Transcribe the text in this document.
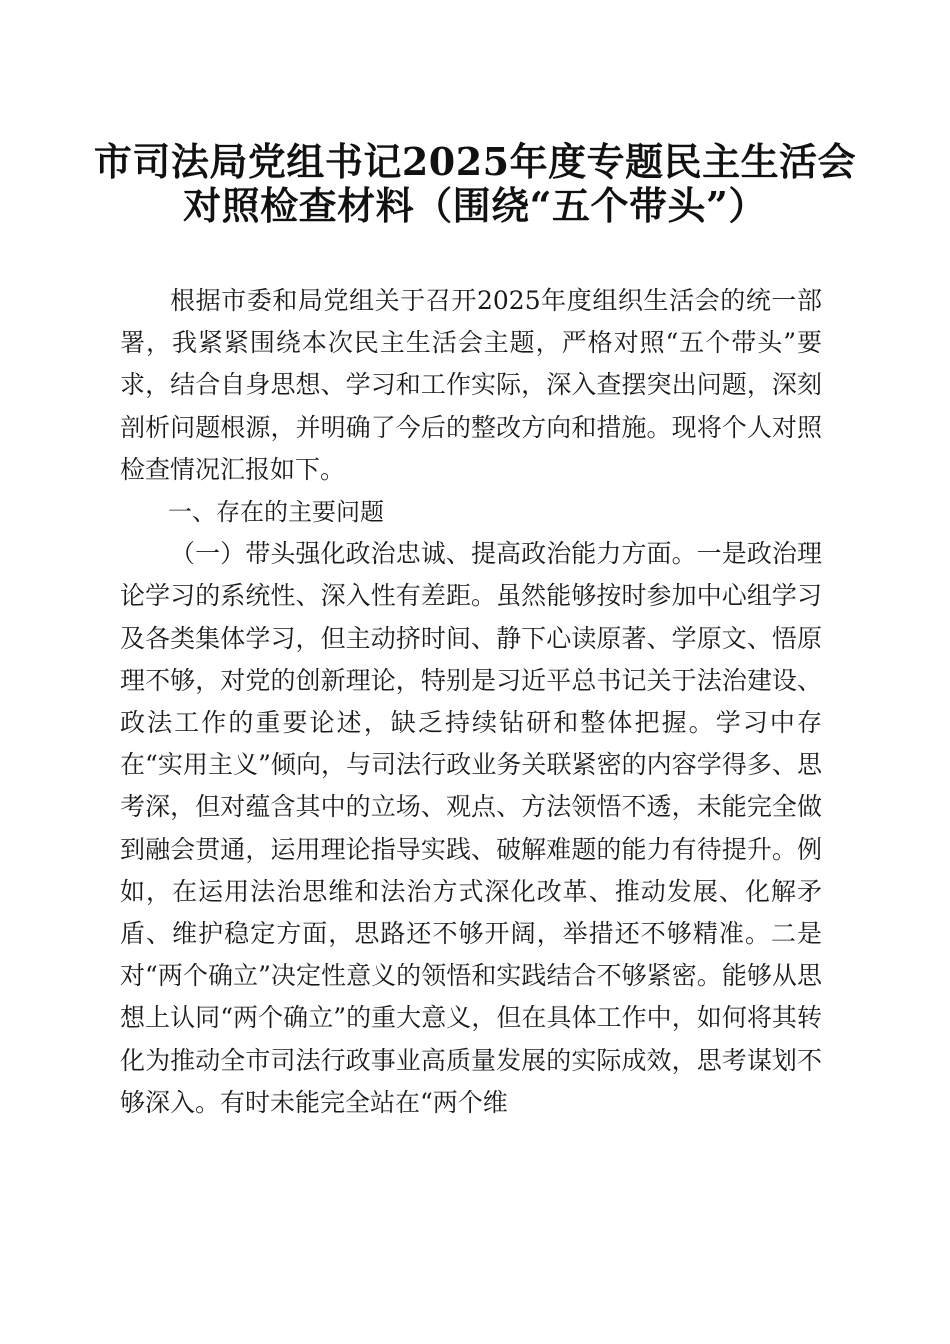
市司法局党组书记2025年度专题民主生活会
对照检查材料（围绕“五个带头”）

根据市委和局党组关于召开2025年度组织生活会的统一部署，我紧紧围绕本次民主生活会主题，严格对照“五个带头”要求，结合自身思想、学习和工作实际，深入查摆突出问题，深刻剖析问题根源，并明确了今后的整改方向和措施。现将个人对照检查情况汇报如下。

一、存在的主要问题

（一）带头强化政治忠诚、提高政治能力方面。一是政治理论学习的系统性、深入性有差距。虽然能够按时参加中心组学习及各类集体学习，但主动挤时间、静下心读原著、学原文、悟原理不够，对党的创新理论，特别是习近平总书记关于法治建设、政法工作的重要论述，缺乏持续钻研和整体把握。学习中存在“实用主义”倾向，与司法行政业务关联紧密的内容学得多、思考深，但对蕴含其中的立场、观点、方法领悟不透，未能完全做到融会贯通，运用理论指导实践、破解难题的能力有待提升。例如，在运用法治思维和法治方式深化改革、推动发展、化解矛盾、维护稳定方面，思路还不够开阔，举措还不够精准。二是对“两个确立”决定性意义的领悟和实践结合不够紧密。能够从思想上认同“两个确立”的重大意义，但在具体工作中，如何将其转化为推动全市司法行政事业高质量发展的实际成效，思考谋划不够深入。有时未能完全站在“两个维
